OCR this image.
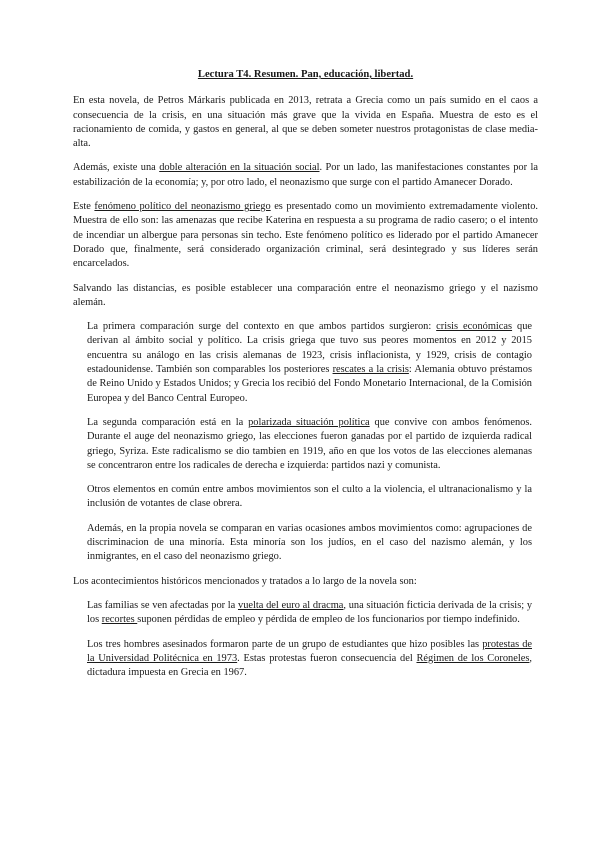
Lectura T4. Resumen. Pan, educación, libertad.

En esta novela, de Petros Márkaris publicada en 2013, retrata a Grecia como un país sumido en el caos a consecuencia de la crisis, en una situación más grave que la vivida en España. Muestra de esto es el racionamiento de comida, y gastos en general, al que se deben someter nuestros protagonistas de clase media-alta.

Además, existe una doble alteración en la situación social. Por un lado, las manifestaciones constantes por la estabilización de la economía; y, por otro lado, el neonazismo que surge con el partido Amanecer Dorado.

Este fenómeno político del neonazismo griego es presentado como un movimiento extremadamente violento. Muestra de ello son: las amenazas que recibe Katerina en respuesta a su programa de radio casero; o el intento de incendiar un albergue para personas sin techo. Este fenómeno político es liderado por el partido Amanecer Dorado que, finalmente, será considerado organización criminal, será desintegrado y sus líderes serán encarcelados.

Salvando las distancias, es posible establecer una comparación entre el neonazismo griego y el nazismo alemán.

La primera comparación surge del contexto en que ambos partidos surgieron: crisis económicas que derivan al ámbito social y político. La crisis griega que tuvo sus peores momentos en 2012 y 2015 encuentra su análogo en las crisis alemanas de 1923, crisis inflacionista, y 1929, crisis de contagio estadounidense. También son comparables los posteriores rescates a la crisis: Alemania obtuvo préstamos de Reino Unido y Estados Unidos; y Grecia los recibió del Fondo Monetario Internacional, de la Comisión Europea y del Banco Central Europeo.

La segunda comparación está en la polarizada situación política que convive con ambos fenómenos. Durante el auge del neonazismo griego, las elecciones fueron ganadas por el partido de izquierda radical griego, Syriza. Este radicalismo se dio tambien en 1919, año en que los votos de las elecciones alemanas se concentraron entre los radicales de derecha e izquierda: partidos nazi y comunista.

Otros elementos en común entre ambos movimientos son el culto a la violencia, el ultranacionalismo y la inclusión de votantes de clase obrera.

Además, en la propia novela se comparan en varias ocasiones ambos movimientos como: agrupaciones de discriminacion de una minoría. Esta minoría son los judíos, en el caso del nazismo alemán, y los inmigrantes, en el caso del neonazismo griego.

Los acontecimientos históricos mencionados y tratados a lo largo de la novela son:

Las familias se ven afectadas por la vuelta del euro al dracma, una situación ficticia derivada de la crisis; y los recortes suponen pérdidas de empleo y pérdida de empleo de los funcionarios por tiempo indefinido.

Los tres hombres asesinados formaron parte de un grupo de estudiantes que hizo posibles las protestas de la Universidad Politécnica en 1973. Estas protestas fueron consecuencia del Régimen de los Coroneles, dictadura impuesta en Grecia en 1967.
